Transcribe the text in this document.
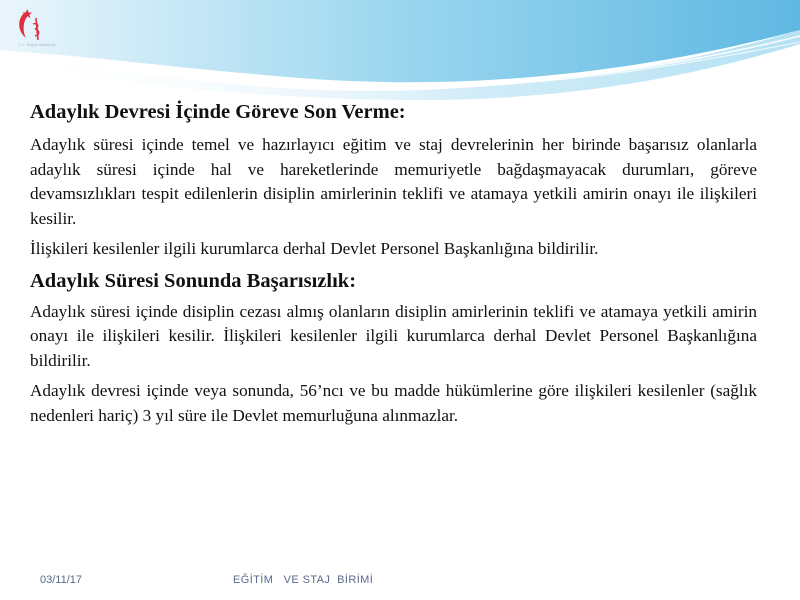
T.C. Sağlık Bakanlığı
Adaylık Devresi İçinde Göreve Son Verme:

Adaylık süresi içinde temel ve hazırlayıcı eğitim ve staj devrelerinin her birinde başarısız olanlarla adaylık süresi içinde hal ve hareketlerinde memuriyetle bağdaşmayacak durumları, göreve devamsızlıkları tespit edilenlerin disiplin amirlerinin teklifi ve atamaya yetkili amirin onayı ile ilişkileri kesilir.

İlişkileri kesilenler ilgili kurumlarca derhal Devlet Personel Başkanlığına bildirilir.

Adaylık Süresi Sonunda Başarısızlık:

Adaylık süresi içinde disiplin cezası almış olanların disiplin amirlerinin teklifi ve atamaya yetkili amirin onayı ile ilişkileri kesilir. İlişkileri kesilenler ilgili kurumlarca derhal Devlet Personel Başkanlığına bildirilir.

Adaylık devresi içinde veya sonunda, 56’ncı ve bu madde hükümlerine göre ilişkileri kesilenler (sağlık nedenleri hariç) 3 yıl süre ile Devlet memurluğuna alınmazlar.

03/11/17	EĞİTİM   VE STAJ  BİRİMİ
